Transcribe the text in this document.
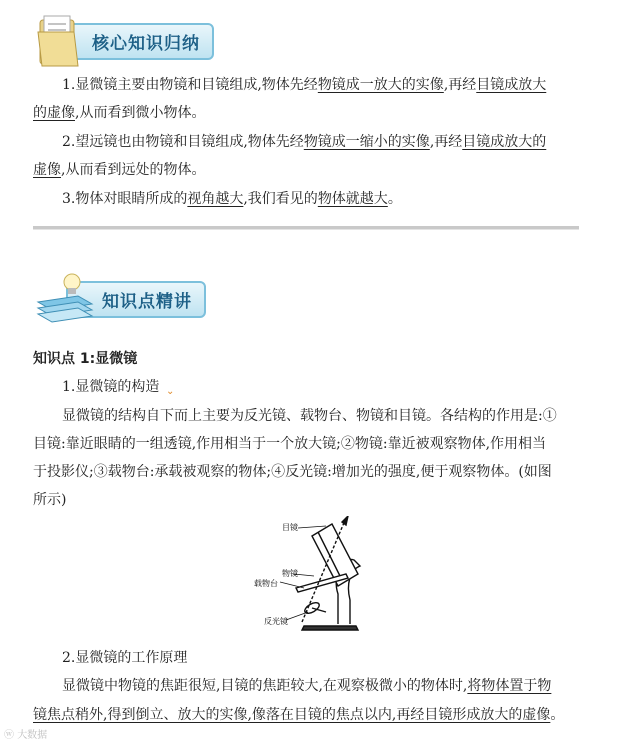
核心知识归纳
1.显微镜主要由物镜和目镜组成,物体先经物镜成一放大的实像,再经目镜成放大
的虚像,从而看到微小物体。
2.望远镜也由物镜和目镜组成,物体先经物镜成一缩小的实像,再经目镜成放大的
虚像,从而看到远处的物体。
3.物体对眼睛所成的视角越大,我们看见的物体就越大。
知识点精讲
知识点 1:显微镜
1.显微镜的构造 ⌄
显微镜的结构自下而上主要为反光镜、载物台、物镜和目镜。各结构的作用是:①
目镜:靠近眼睛的一组透镜,作用相当于一个放大镜;②物镜:靠近被观察物体,作用相当
于投影仪;③载物台:承载被观察的物体;④反光镜:增加光的强度,便于观察物体。(如图
所示)
目镜
物镜
载物台
反光镜
2.显微镜的工作原理
显微镜中物镜的焦距很短,目镜的焦距较大,在观察极微小的物体时,将物体置于物
镜焦点稍外,得到倒立、放大的实像,像落在目镜的焦点以内,再经目镜形成放大的虚像。
ⓦ 大数据
